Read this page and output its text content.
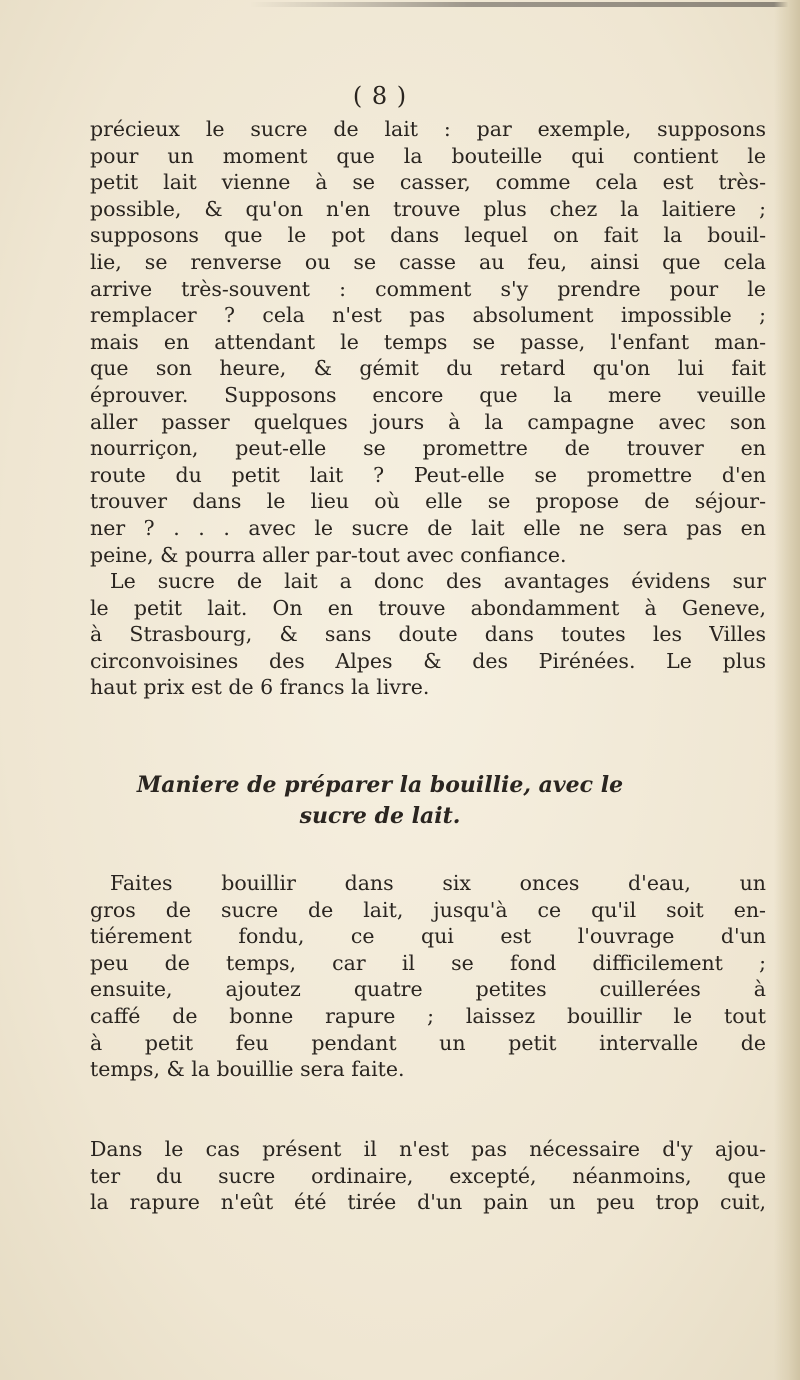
( 8 )
précieux le sucre de lait : par exemple, supposons
pour un moment que la bouteille qui contient le
petit lait vienne à se casser, comme cela est très-
possible, & qu'on n'en trouve plus chez la laitiere ;
supposons que le pot dans lequel on fait la bouil-
lie, se renverse ou se casse au feu, ainsi que cela
arrive très-souvent : comment s'y prendre pour le
remplacer ? cela n'est pas absolument impossible ;
mais en attendant le temps se passe, l'enfant man-
que son heure, & gémit du retard qu'on lui fait
éprouver. Supposons encore que la mere veuille
aller passer quelques jours à la campagne avec son
nourriçon, peut-elle se promettre de trouver en
route du petit lait ? Peut-elle se promettre d'en
trouver dans le lieu où elle se propose de séjour-
ner ? . . . avec le sucre de lait elle ne sera pas en
peine, & pourra aller par-tout avec confiance.
Le sucre de lait a donc des avantages évidens sur
le petit lait. On en trouve abondamment à Geneve,
à Strasbourg, & sans doute dans toutes les Villes
circonvoisines des Alpes & des Pirénées. Le plus
haut prix est de 6 francs la livre.
Maniere de préparer la bouillie, avec le
sucre de lait.
Faites bouillir dans six onces d'eau, un
gros de sucre de lait, jusqu'à ce qu'il soit en-
tiérement fondu, ce qui est l'ouvrage d'un
peu de temps, car il se fond difficilement ;
ensuite, ajoutez quatre petites cuillerées à
caffé de bonne rapure ; laissez bouillir le tout
à petit feu pendant un petit intervalle de
temps, & la bouillie sera faite.
Dans le cas présent il n'est pas nécessaire d'y ajou-
ter du sucre ordinaire, excepté, néanmoins, que
la rapure n'eût été tirée d'un pain un peu trop cuit,
